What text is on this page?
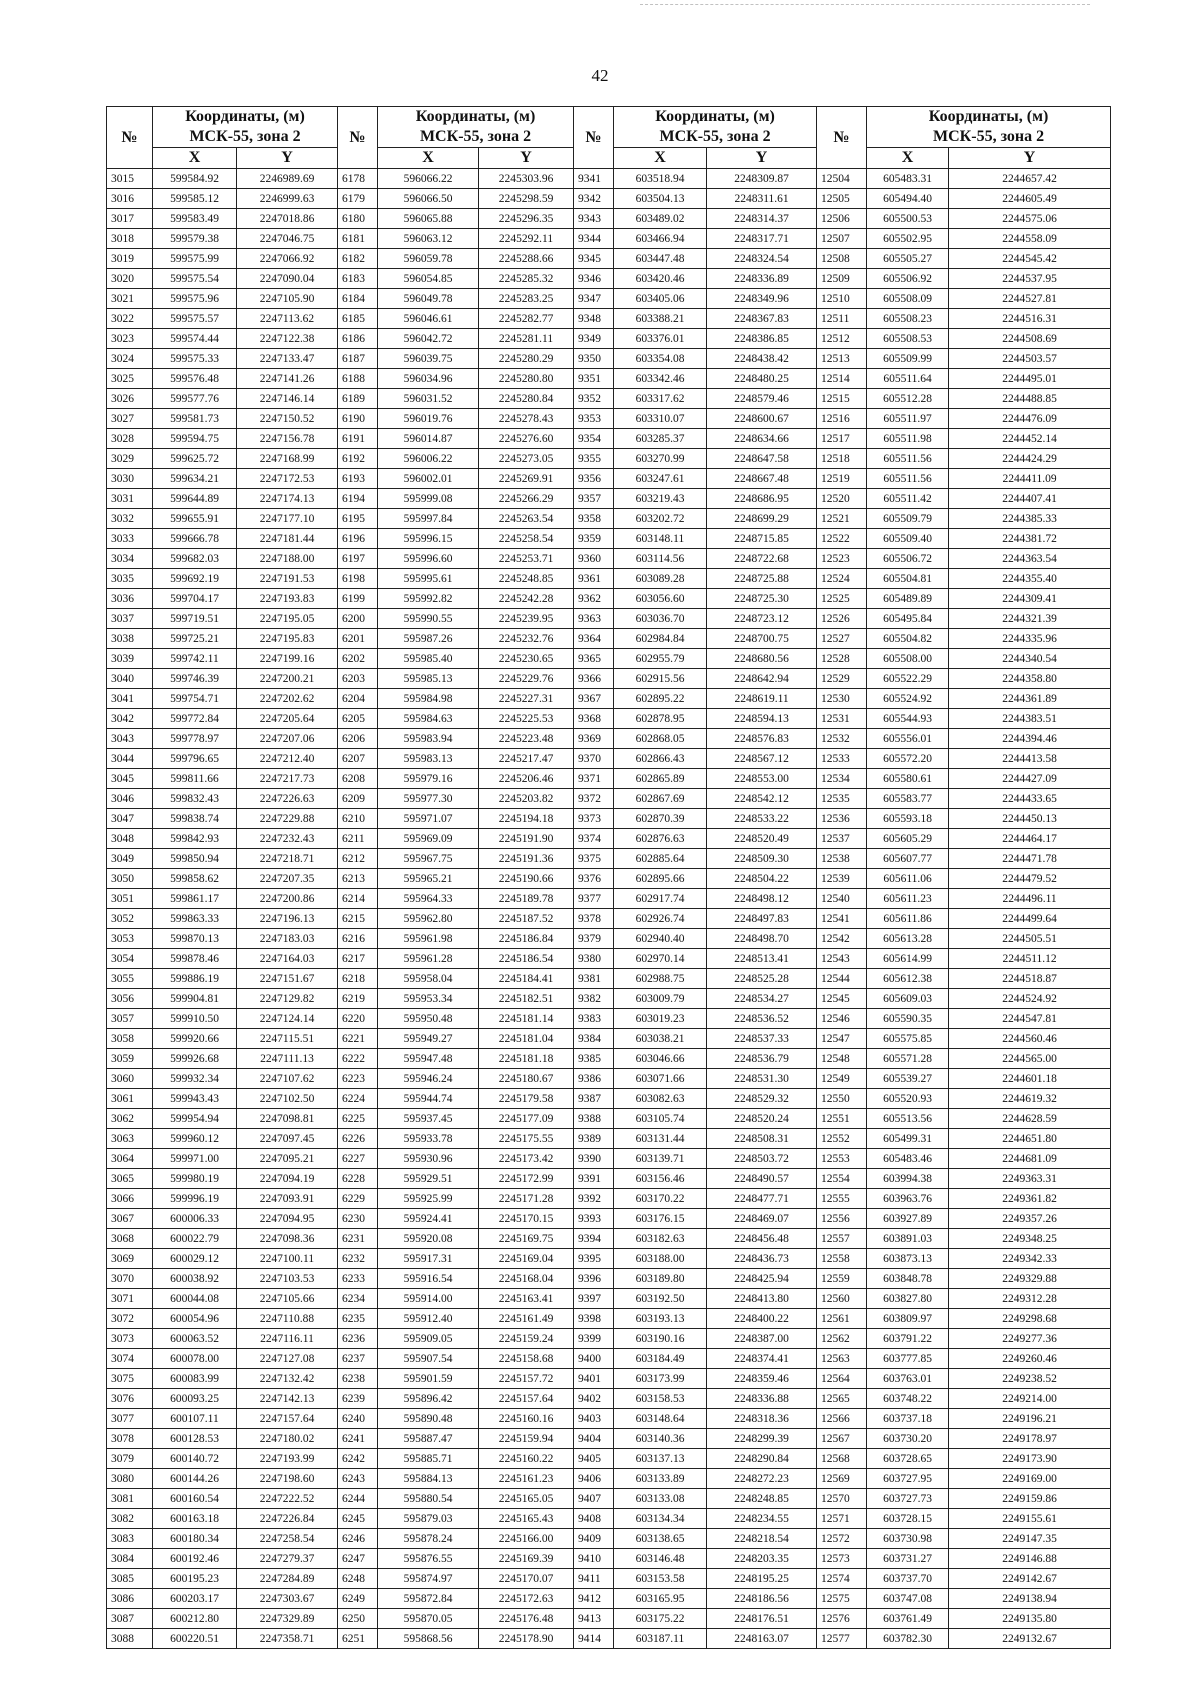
42
№	Координаты, (м)
МСК-55, зона 2		№	Координаты, (м)
МСК-55, зона 2		№	Координаты, (м)
МСК-55, зона 2		№	Координаты, (м)
МСК-55, зона 2	
	X	Y		X	Y		X	Y		X	Y
3015	599584.92	2246989.69	6178	596066.22	2245303.96	9341	603518.94	2248309.87	12504	605483.31	2244657.42
3016	599585.12	2246999.63	6179	596066.50	2245298.59	9342	603504.13	2248311.61	12505	605494.40	2244605.49
3017	599583.49	2247018.86	6180	596065.88	2245296.35	9343	603489.02	2248314.37	12506	605500.53	2244575.06
3018	599579.38	2247046.75	6181	596063.12	2245292.11	9344	603466.94	2248317.71	12507	605502.95	2244558.09
3019	599575.99	2247066.92	6182	596059.78	2245288.66	9345	603447.48	2248324.54	12508	605505.27	2244545.42
3020	599575.54	2247090.04	6183	596054.85	2245285.32	9346	603420.46	2248336.89	12509	605506.92	2244537.95
3021	599575.96	2247105.90	6184	596049.78	2245283.25	9347	603405.06	2248349.96	12510	605508.09	2244527.81
3022	599575.57	2247113.62	6185	596046.61	2245282.77	9348	603388.21	2248367.83	12511	605508.23	2244516.31
3023	599574.44	2247122.38	6186	596042.72	2245281.11	9349	603376.01	2248386.85	12512	605508.53	2244508.69
3024	599575.33	2247133.47	6187	596039.75	2245280.29	9350	603354.08	2248438.42	12513	605509.99	2244503.57
3025	599576.48	2247141.26	6188	596034.96	2245280.80	9351	603342.46	2248480.25	12514	605511.64	2244495.01
3026	599577.76	2247146.14	6189	596031.52	2245280.84	9352	603317.62	2248579.46	12515	605512.28	2244488.85
3027	599581.73	2247150.52	6190	596019.76	2245278.43	9353	603310.07	2248600.67	12516	605511.97	2244476.09
3028	599594.75	2247156.78	6191	596014.87	2245276.60	9354	603285.37	2248634.66	12517	605511.98	2244452.14
3029	599625.72	2247168.99	6192	596006.22	2245273.05	9355	603270.99	2248647.58	12518	605511.56	2244424.29
3030	599634.21	2247172.53	6193	596002.01	2245269.91	9356	603247.61	2248667.48	12519	605511.56	2244411.09
3031	599644.89	2247174.13	6194	595999.08	2245266.29	9357	603219.43	2248686.95	12520	605511.42	2244407.41
3032	599655.91	2247177.10	6195	595997.84	2245263.54	9358	603202.72	2248699.29	12521	605509.79	2244385.33
3033	599666.78	2247181.44	6196	595996.15	2245258.54	9359	603148.11	2248715.85	12522	605509.40	2244381.72
3034	599682.03	2247188.00	6197	595996.60	2245253.71	9360	603114.56	2248722.68	12523	605506.72	2244363.54
3035	599692.19	2247191.53	6198	595995.61	2245248.85	9361	603089.28	2248725.88	12524	605504.81	2244355.40
3036	599704.17	2247193.83	6199	595992.82	2245242.28	9362	603056.60	2248725.30	12525	605489.89	2244309.41
3037	599719.51	2247195.05	6200	595990.55	2245239.95	9363	603036.70	2248723.12	12526	605495.84	2244321.39
3038	599725.21	2247195.83	6201	595987.26	2245232.76	9364	602984.84	2248700.75	12527	605504.82	2244335.96
3039	599742.11	2247199.16	6202	595985.40	2245230.65	9365	602955.79	2248680.56	12528	605508.00	2244340.54
3040	599746.39	2247200.21	6203	595985.13	2245229.76	9366	602915.56	2248642.94	12529	605522.29	2244358.80
3041	599754.71	2247202.62	6204	595984.98	2245227.31	9367	602895.22	2248619.11	12530	605524.92	2244361.89
3042	599772.84	2247205.64	6205	595984.63	2245225.53	9368	602878.95	2248594.13	12531	605544.93	2244383.51
3043	599778.97	2247207.06	6206	595983.94	2245223.48	9369	602868.05	2248576.83	12532	605556.01	2244394.46
3044	599796.65	2247212.40	6207	595983.13	2245217.47	9370	602866.43	2248567.12	12533	605572.20	2244413.58
3045	599811.66	2247217.73	6208	595979.16	2245206.46	9371	602865.89	2248553.00	12534	605580.61	2244427.09
3046	599832.43	2247226.63	6209	595977.30	2245203.82	9372	602867.69	2248542.12	12535	605583.77	2244433.65
3047	599838.74	2247229.88	6210	595971.07	2245194.18	9373	602870.39	2248533.22	12536	605593.18	2244450.13
3048	599842.93	2247232.43	6211	595969.09	2245191.90	9374	602876.63	2248520.49	12537	605605.29	2244464.17
3049	599850.94	2247218.71	6212	595967.75	2245191.36	9375	602885.64	2248509.30	12538	605607.77	2244471.78
3050	599858.62	2247207.35	6213	595965.21	2245190.66	9376	602895.66	2248504.22	12539	605611.06	2244479.52
3051	599861.17	2247200.86	6214	595964.33	2245189.78	9377	602917.74	2248498.12	12540	605611.23	2244496.11
3052	599863.33	2247196.13	6215	595962.80	2245187.52	9378	602926.74	2248497.83	12541	605611.86	2244499.64
3053	599870.13	2247183.03	6216	595961.98	2245186.84	9379	602940.40	2248498.70	12542	605613.28	2244505.51
3054	599878.46	2247164.03	6217	595961.28	2245186.54	9380	602970.14	2248513.41	12543	605614.99	2244511.12
3055	599886.19	2247151.67	6218	595958.04	2245184.41	9381	602988.75	2248525.28	12544	605612.38	2244518.87
3056	599904.81	2247129.82	6219	595953.34	2245182.51	9382	603009.79	2248534.27	12545	605609.03	2244524.92
3057	599910.50	2247124.14	6220	595950.48	2245181.14	9383	603019.23	2248536.52	12546	605590.35	2244547.81
3058	599920.66	2247115.51	6221	595949.27	2245181.04	9384	603038.21	2248537.33	12547	605575.85	2244560.46
3059	599926.68	2247111.13	6222	595947.48	2245181.18	9385	603046.66	2248536.79	12548	605571.28	2244565.00
3060	599932.34	2247107.62	6223	595946.24	2245180.67	9386	603071.66	2248531.30	12549	605539.27	2244601.18
3061	599943.43	2247102.50	6224	595944.74	2245179.58	9387	603082.63	2248529.32	12550	605520.93	2244619.32
3062	599954.94	2247098.81	6225	595937.45	2245177.09	9388	603105.74	2248520.24	12551	605513.56	2244628.59
3063	599960.12	2247097.45	6226	595933.78	2245175.55	9389	603131.44	2248508.31	12552	605499.31	2244651.80
3064	599971.00	2247095.21	6227	595930.96	2245173.42	9390	603139.71	2248503.72	12553	605483.46	2244681.09
3065	599980.19	2247094.19	6228	595929.51	2245172.99	9391	603156.46	2248490.57	12554	603994.38	2249363.31
3066	599996.19	2247093.91	6229	595925.99	2245171.28	9392	603170.22	2248477.71	12555	603963.76	2249361.82
3067	600006.33	2247094.95	6230	595924.41	2245170.15	9393	603176.15	2248469.07	12556	603927.89	2249357.26
3068	600022.79	2247098.36	6231	595920.08	2245169.75	9394	603182.63	2248456.48	12557	603891.03	2249348.25
3069	600029.12	2247100.11	6232	595917.31	2245169.04	9395	603188.00	2248436.73	12558	603873.13	2249342.33
3070	600038.92	2247103.53	6233	595916.54	2245168.04	9396	603189.80	2248425.94	12559	603848.78	2249329.88
3071	600044.08	2247105.66	6234	595914.00	2245163.41	9397	603192.50	2248413.80	12560	603827.80	2249312.28
3072	600054.96	2247110.88	6235	595912.40	2245161.49	9398	603193.13	2248400.22	12561	603809.97	2249298.68
3073	600063.52	2247116.11	6236	595909.05	2245159.24	9399	603190.16	2248387.00	12562	603791.22	2249277.36
3074	600078.00	2247127.08	6237	595907.54	2245158.68	9400	603184.49	2248374.41	12563	603777.85	2249260.46
3075	600083.99	2247132.42	6238	595901.59	2245157.72	9401	603173.99	2248359.46	12564	603763.01	2249238.52
3076	600093.25	2247142.13	6239	595896.42	2245157.64	9402	603158.53	2248336.88	12565	603748.22	2249214.00
3077	600107.11	2247157.64	6240	595890.48	2245160.16	9403	603148.64	2248318.36	12566	603737.18	2249196.21
3078	600128.53	2247180.02	6241	595887.47	2245159.94	9404	603140.36	2248299.39	12567	603730.20	2249178.97
3079	600140.72	2247193.99	6242	595885.71	2245160.22	9405	603137.13	2248290.84	12568	603728.65	2249173.90
3080	600144.26	2247198.60	6243	595884.13	2245161.23	9406	603133.89	2248272.23	12569	603727.95	2249169.00
3081	600160.54	2247222.52	6244	595880.54	2245165.05	9407	603133.08	2248248.85	12570	603727.73	2249159.86
3082	600163.18	2247226.84	6245	595879.03	2245165.43	9408	603134.34	2248234.55	12571	603728.15	2249155.61
3083	600180.34	2247258.54	6246	595878.24	2245166.00	9409	603138.65	2248218.54	12572	603730.98	2249147.35
3084	600192.46	2247279.37	6247	595876.55	2245169.39	9410	603146.48	2248203.35	12573	603731.27	2249146.88
3085	600195.23	2247284.89	6248	595874.97	2245170.07	9411	603153.58	2248195.25	12574	603737.70	2249142.67
3086	600203.17	2247303.67	6249	595872.84	2245172.63	9412	603165.95	2248186.56	12575	603747.08	2249138.94
3087	600212.80	2247329.89	6250	595870.05	2245176.48	9413	603175.22	2248176.51	12576	603761.49	2249135.80
3088	600220.51	2247358.71	6251	595868.56	2245178.90	9414	603187.11	2248163.07	12577	603782.30	2249132.67
